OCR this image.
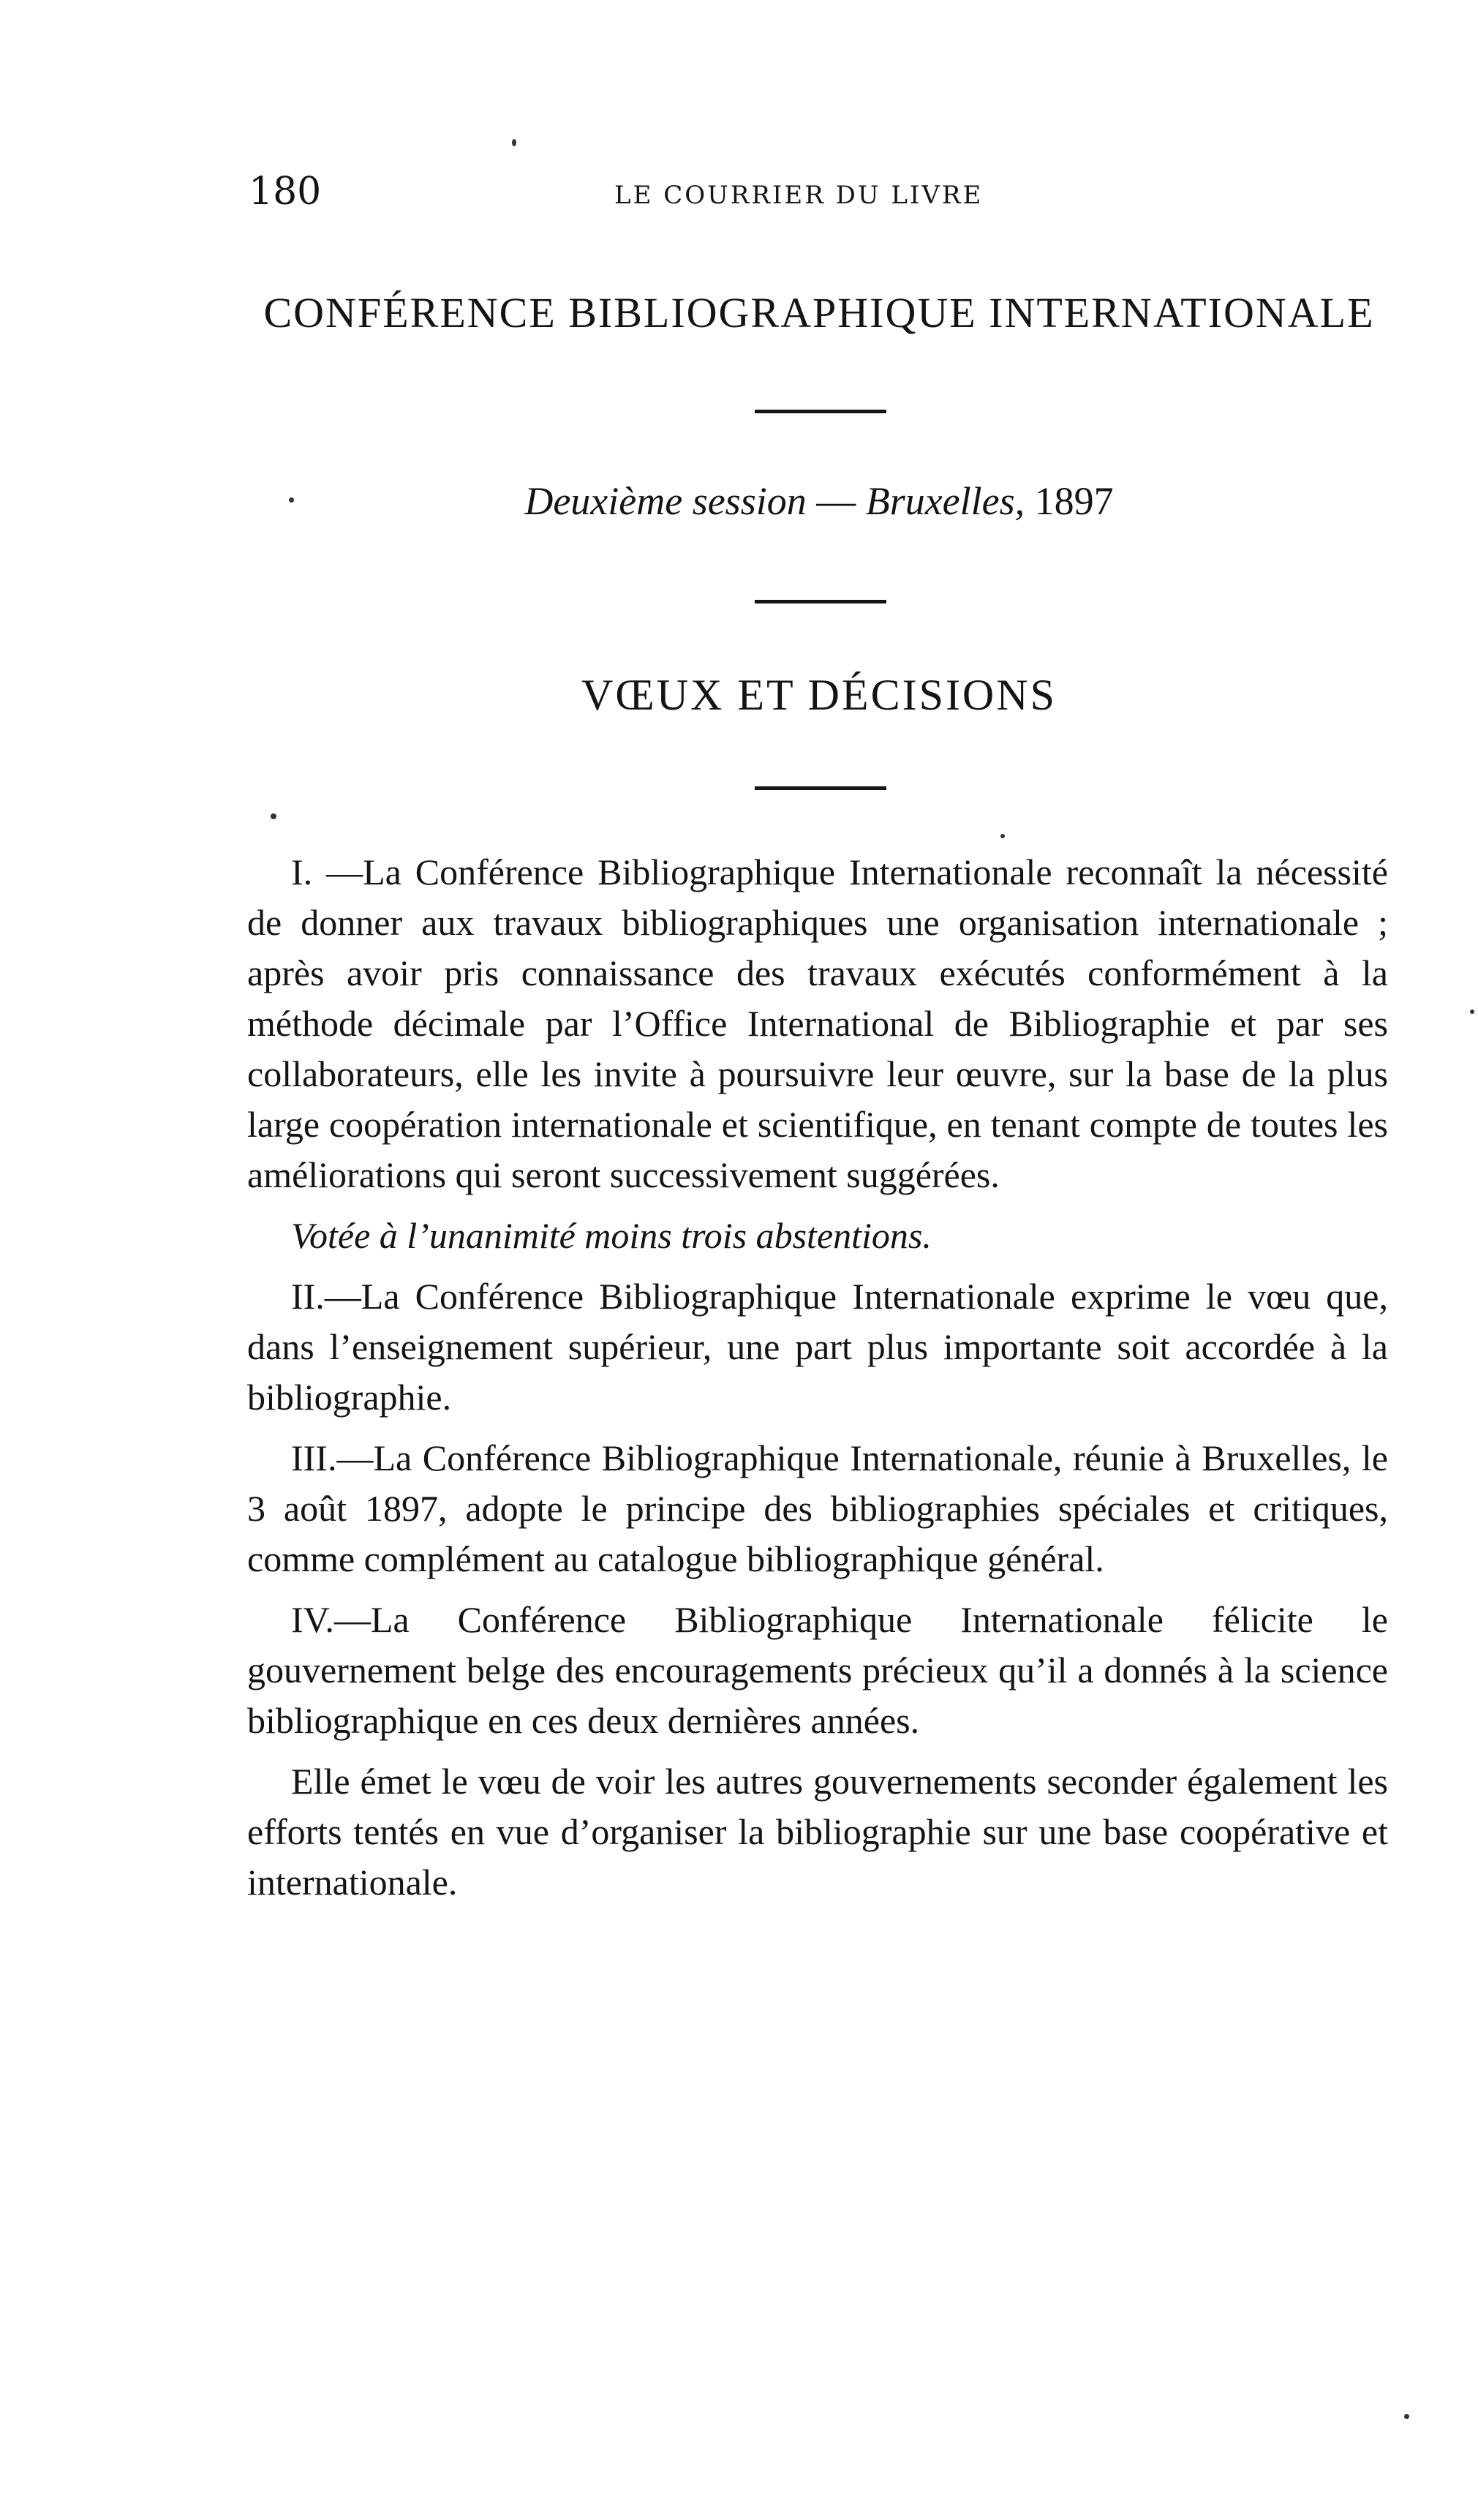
180	LE COURRIER DU LIVRE
CONFÉRENCE BIBLIOGRAPHIQUE INTERNATIONALE
Deuxième session — Bruxelles, 1897
VŒUX ET DÉCISIONS

I. —La Conférence Bibliographique Internationale reconnaît la nécessité de donner aux travaux bibliographiques une organisation internationale ; après avoir pris connaissance des travaux exécutés conformément à la méthode décimale par l’Office International de Bibliographie et par ses collaborateurs, elle les invite à poursuivre leur œuvre, sur la base de la plus large coopération internationale et scientifique, en tenant compte de toutes les améliorations qui seront successivement suggérées.

Votée à l’unanimité moins trois abstentions.

II.—La Conférence Bibliographique Internationale exprime le vœu que, dans l’enseignement supérieur, une part plus importante soit accordée à la bibliographie.

III.—La Conférence Bibliographique Internationale, réunie à Bruxelles, le 3 août 1897, adopte le principe des bibliographies spéciales et critiques, comme complément au catalogue bibliographique général.

IV.—La Conférence Bibliographique Internationale félicite le gouvernement belge des encouragements précieux qu’il a donnés à la science bibliographique en ces deux dernières années.

Elle émet le vœu de voir les autres gouvernements seconder également les efforts tentés en vue d’organiser la bibliographie sur une base coopérative et internationale.
